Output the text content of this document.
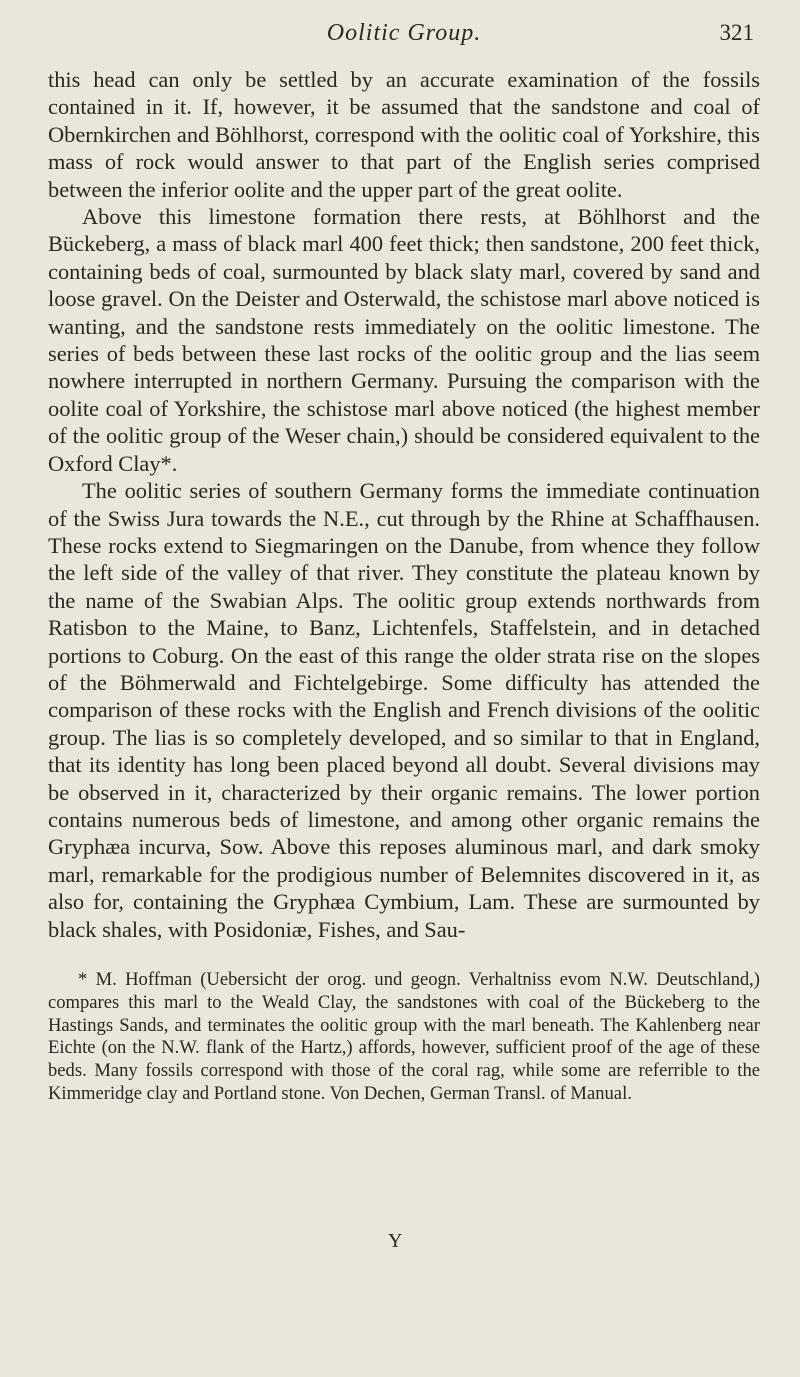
Oolitic Group.	321

this head can only be settled by an accurate examination of the fossils contained in it. If, however, it be assumed that the sandstone and coal of Obernkirchen and Böhlhorst, correspond with the oolitic coal of Yorkshire, this mass of rock would answer to that part of the English series comprised between the inferior oolite and the upper part of the great oolite.

Above this limestone formation there rests, at Böhlhorst and the Bückeberg, a mass of black marl 400 feet thick; then sandstone, 200 feet thick, containing beds of coal, surmounted by black slaty marl, covered by sand and loose gravel. On the Deister and Osterwald, the schistose marl above noticed is wanting, and the sandstone rests immediately on the oolitic limestone. The series of beds between these last rocks of the oolitic group and the lias seem nowhere interrupted in northern Germany. Pursuing the comparison with the oolite coal of Yorkshire, the schistose marl above noticed (the highest member of the oolitic group of the Weser chain,) should be considered equivalent to the Oxford Clay*.

The oolitic series of southern Germany forms the immediate continuation of the Swiss Jura towards the N.E., cut through by the Rhine at Schaffhausen. These rocks extend to Siegmaringen on the Danube, from whence they follow the left side of the valley of that river. They constitute the plateau known by the name of the Swabian Alps. The oolitic group extends northwards from Ratisbon to the Maine, to Banz, Lichtenfels, Staffelstein, and in detached portions to Coburg. On the east of this range the older strata rise on the slopes of the Böhmerwald and Fichtelgebirge. Some difficulty has attended the comparison of these rocks with the English and French divisions of the oolitic group. The lias is so completely developed, and so similar to that in England, that its identity has long been placed beyond all doubt. Several divisions may be observed in it, characterized by their organic remains. The lower portion contains numerous beds of limestone, and among other organic remains the Gryphæa incurva, Sow. Above this reposes aluminous marl, and dark smoky marl, remarkable for the prodigious number of Belemnites discovered in it, as also for, containing the Gryphæa Cymbium, Lam. These are surmounted by black shales, with Posidoniæ, Fishes, and Sau-

* M. Hoffman (Uebersicht der orog. und geogn. Verhaltniss evom N.W. Deutschland,) compares this marl to the Weald Clay, the sandstones with coal of the Bückeberg to the Hastings Sands, and terminates the oolitic group with the marl beneath. The Kahlenberg near Eichte (on the N.W. flank of the Hartz,) affords, however, sufficient proof of the age of these beds. Many fossils correspond with those of the coral rag, while some are referrible to the Kimmeridge clay and Portland stone. Von Dechen, German Transl. of Manual.

Y
